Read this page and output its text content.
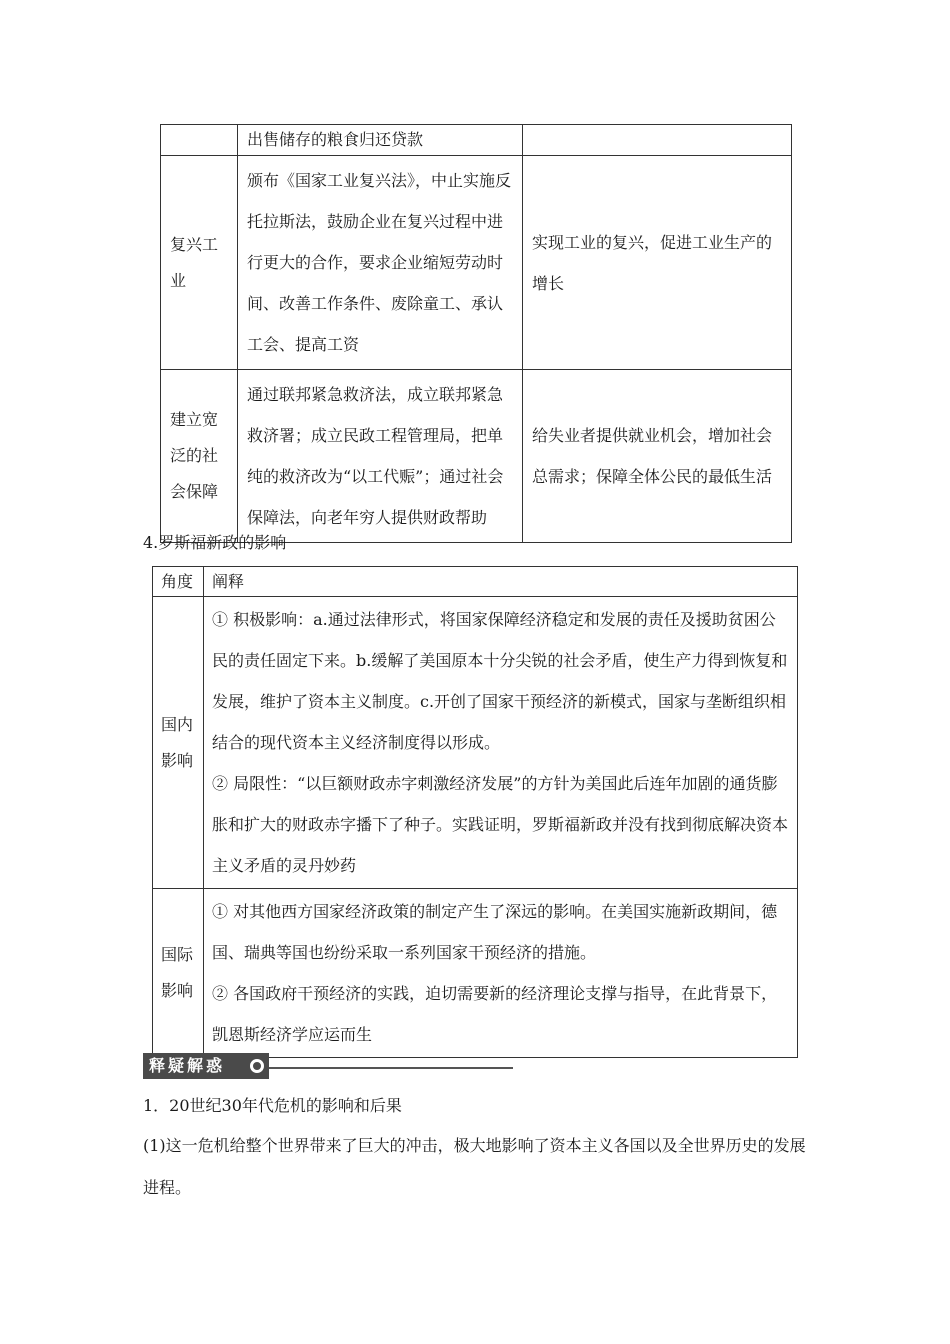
	出售储存的粮食归还贷款	
复兴工业	颁布《国家工业复兴法》，中止实施反托拉斯法，鼓励企业在复兴过程中进行更大的合作，要求企业缩短劳动时间、改善工作条件、废除童工、承认工会、提高工资	实现工业的复兴，促进工业生产的增长
建立宽泛的社会保障	通过联邦紧急救济法，成立联邦紧急救济署；成立民政工程管理局，把单纯的救济改为“以工代赈”；通过社会保障法，向老年穷人提供财政帮助	给失业者提供就业机会，增加社会总需求；保障全体公民的最低生活
4.罗斯福新政的影响
角度	阐释
国内影响	① 积极影响：a.通过法律形式，将国家保障经济稳定和发展的责任及援助贫困公民的责任固定下来。b.缓解了美国原本十分尖锐的社会矛盾，使生产力得到恢复和发展，维护了资本主义制度。c.开创了国家干预经济的新模式，国家与垄断组织相结合的现代资本主义经济制度得以形成。
② 局限性：“以巨额财政赤字刺激经济发展”的方针为美国此后连年加剧的通货膨胀和扩大的财政赤字播下了种子。实践证明，罗斯福新政并没有找到彻底解决资本主义矛盾的灵丹妙药

国际影响	① 对其他西方国家经济政策的制定产生了深远的影响。在美国实施新政期间，德国、瑞典等国也纷纷采取一系列国家干预经济的措施。
② 各国政府干预经济的实践，迫切需要新的经济理论支撑与指导，在此背景下，凯恩斯经济学应运而生
释疑解惑
1．20世纪30年代危机的影响和后果
(1)这一危机给整个世界带来了巨大的冲击，极大地影响了资本主义各国以及全世界历史的发展进程。
